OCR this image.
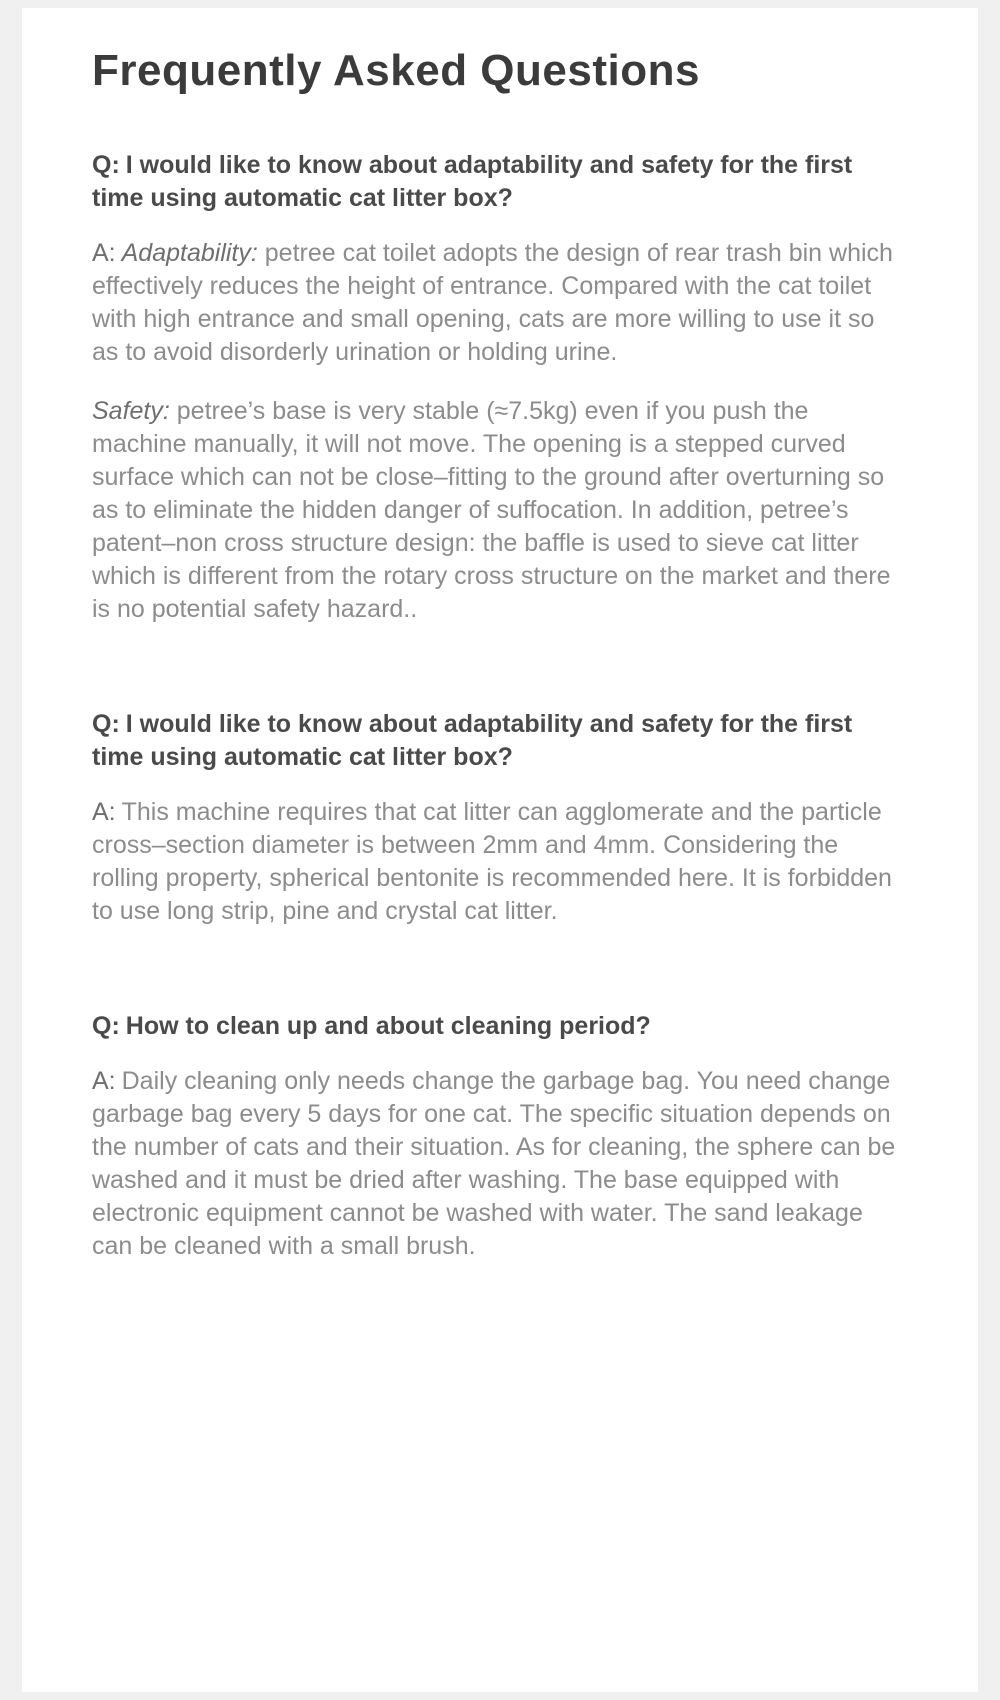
Frequently Asked Questions

Q: I would like to know about adaptability and safety for the first time using automatic cat litter box?

A: Adaptability: petree cat toilet adopts the design of rear trash bin which effectively reduces the height of entrance. Compared with the cat toilet with high entrance and small opening, cats are more willing to use it so as to avoid disorderly urination or holding urine.

Safety: petree’s base is very stable (≈7.5kg) even if you push the machine manually, it will not move. The opening is a stepped curved surface which can not be close–fitting to the ground after overturning so as to eliminate the hidden danger of suffocation. In addition, petree’s patent–non cross structure design: the baffle is used to sieve cat litter which is different from the rotary cross structure on the market and there is no potential safety hazard..

Q: I would like to know about adaptability and safety for the first time using automatic cat litter box?

A: This machine requires that cat litter can agglomerate and the particle cross–section diameter is between 2mm and 4mm. Considering the rolling property, spherical bentonite is recommended here. It is forbidden to use long strip, pine and crystal cat litter.

Q: How to clean up and about cleaning period?

A: Daily cleaning only needs change the garbage bag. You need change garbage bag every 5 days for one cat. The specific situation depends on the number of cats and their situation. As for cleaning, the sphere can be washed and it must be dried after washing. The base equipped with electronic equipment cannot be washed with water. The sand leakage can be cleaned with a small brush.
